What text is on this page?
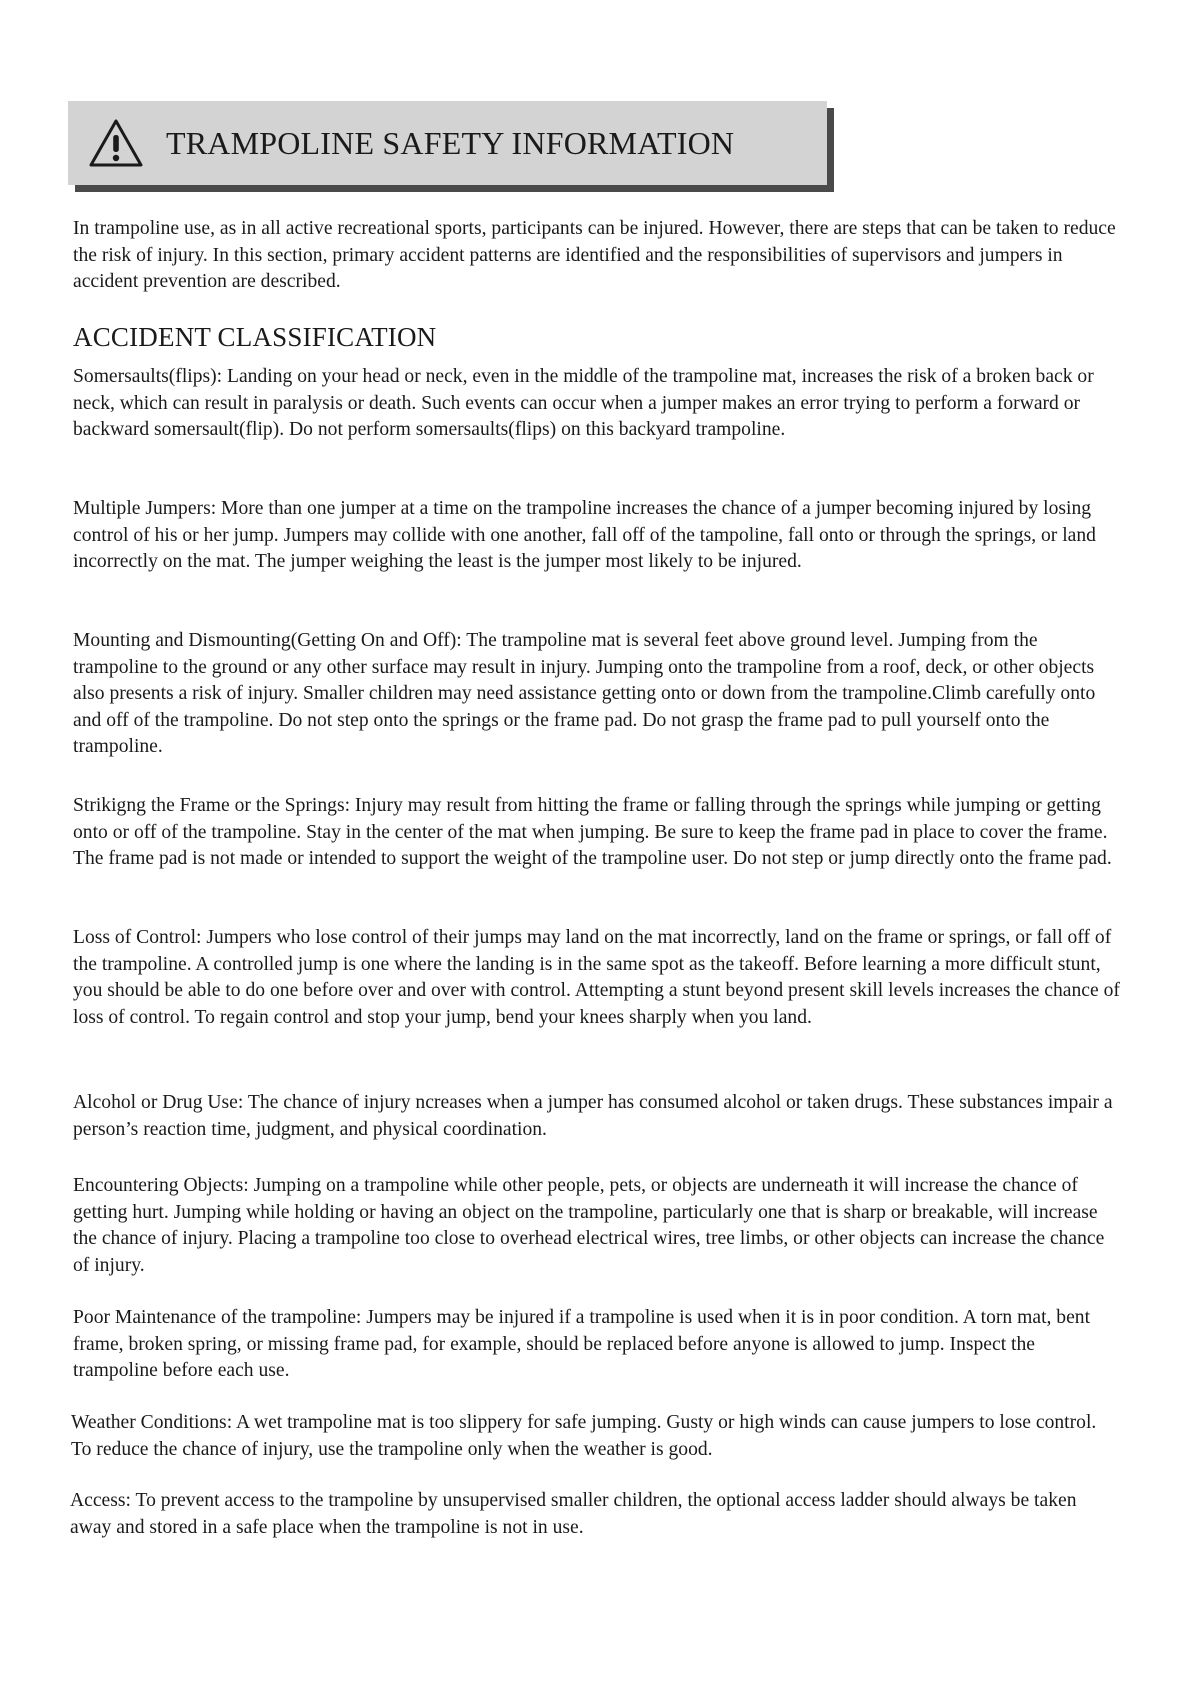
TRAMPOLINE SAFETY INFORMATION

In trampoline use, as in all active recreational sports, participants can be injured. However, there are steps that can be taken to reduce the risk of injury. In this section, primary accident patterns are identified and the responsibilities of supervisors and jumpers in accident prevention are described.

ACCIDENT CLASSIFICATION

Somersaults(flips): Landing on your head or neck, even in the middle of the trampoline mat, increases the risk of a broken back or neck, which can result in paralysis or death. Such events can occur when a jumper makes an error trying to perform a forward or backward somersault(flip). Do not perform somersaults(flips) on this backyard trampoline.

Multiple Jumpers: More than one jumper at a time on the trampoline increases the chance of a jumper becoming injured by losing control of his or her jump. Jumpers may collide with one another, fall off of the tampoline, fall onto or through the springs, or land incorrectly on the mat. The jumper weighing the least is the jumper most likely to be injured.

Mounting and Dismounting(Getting On and Off): The trampoline mat is several feet above ground level. Jumping from the trampoline to the ground or any other surface may result in injury. Jumping onto the trampoline from a roof, deck, or other objects also presents a risk of injury. Smaller children may need assistance getting onto or down from the trampoline.Climb carefully onto and off of the trampoline. Do not step onto the springs or the frame pad. Do not grasp the frame pad to pull yourself onto the trampoline.

Strikigng the Frame or the Springs: Injury may result from hitting the frame or falling through the springs while jumping or getting onto or off of the trampoline. Stay in the center of the mat when jumping. Be sure to keep the frame pad in place to cover the frame. The frame pad is not made or intended to support the weight of the trampoline user. Do not step or jump directly onto the frame pad.

Loss of Control: Jumpers who lose control of their jumps may land on the mat incorrectly, land on the frame or springs, or fall off of the trampoline. A controlled jump is one where the landing is in the same spot as the takeoff. Before learning a more difficult stunt, you should be able to do one before over and over with control. Attempting a stunt beyond present skill levels increases the chance of loss of control. To regain control and stop your jump, bend your knees sharply when you land.

Alcohol or Drug Use: The chance of injury ncreases when a jumper has consumed alcohol or taken drugs. These substances impair a person’s reaction time, judgment, and physical coordination.

Encountering Objects: Jumping on a trampoline while other people, pets, or objects are underneath it will increase the chance of getting hurt. Jumping while holding or having an object on the trampoline, particularly one that is sharp or breakable, will increase the chance of injury. Placing a trampoline too close to overhead electrical wires, tree limbs, or other objects can increase the chance of injury.

Poor Maintenance of the trampoline: Jumpers may be injured if a trampoline is used when it is in poor condition. A torn mat, bent frame, broken spring, or missing frame pad, for example, should be replaced before anyone is allowed to jump. Inspect the trampoline before each use.

Weather Conditions: A wet trampoline mat is too slippery for safe jumping. Gusty or high winds can cause jumpers to lose control. To reduce the chance of injury, use the trampoline only when the weather is good.

Access: To prevent access to the trampoline by unsupervised smaller children, the optional access ladder should always be taken away and stored in a safe place when the trampoline is not in use.
